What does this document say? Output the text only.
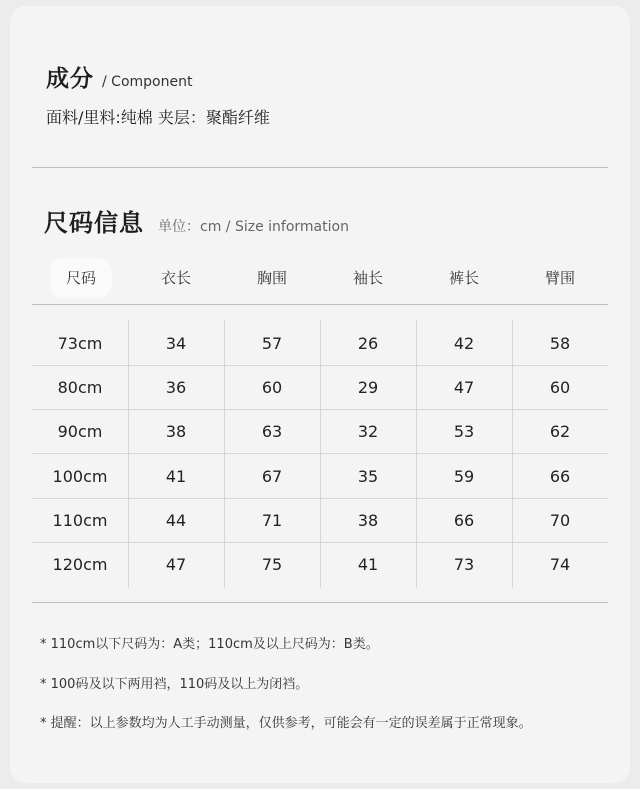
成分 / Component
面料/里料:纯棉 夹层：聚酯纤维
尺码信息 单位：cm / Size information
尺码	衣长	胸围	袖长	裤长	臂围
73cm	34	57	26	42	58
80cm	36	60	29	47	60
90cm	38	63	32	53	62
100cm	41	67	35	59	66
110cm	44	71	38	66	70
120cm	47	75	41	73	74
* 110cm以下尺码为：A类；110cm及以上尺码为：B类。
* 100码及以下两用裆，110码及以上为闭裆。
* 提醒：以上参数均为人工手动测量，仅供参考，可能会有一定的误差属于正常现象。
